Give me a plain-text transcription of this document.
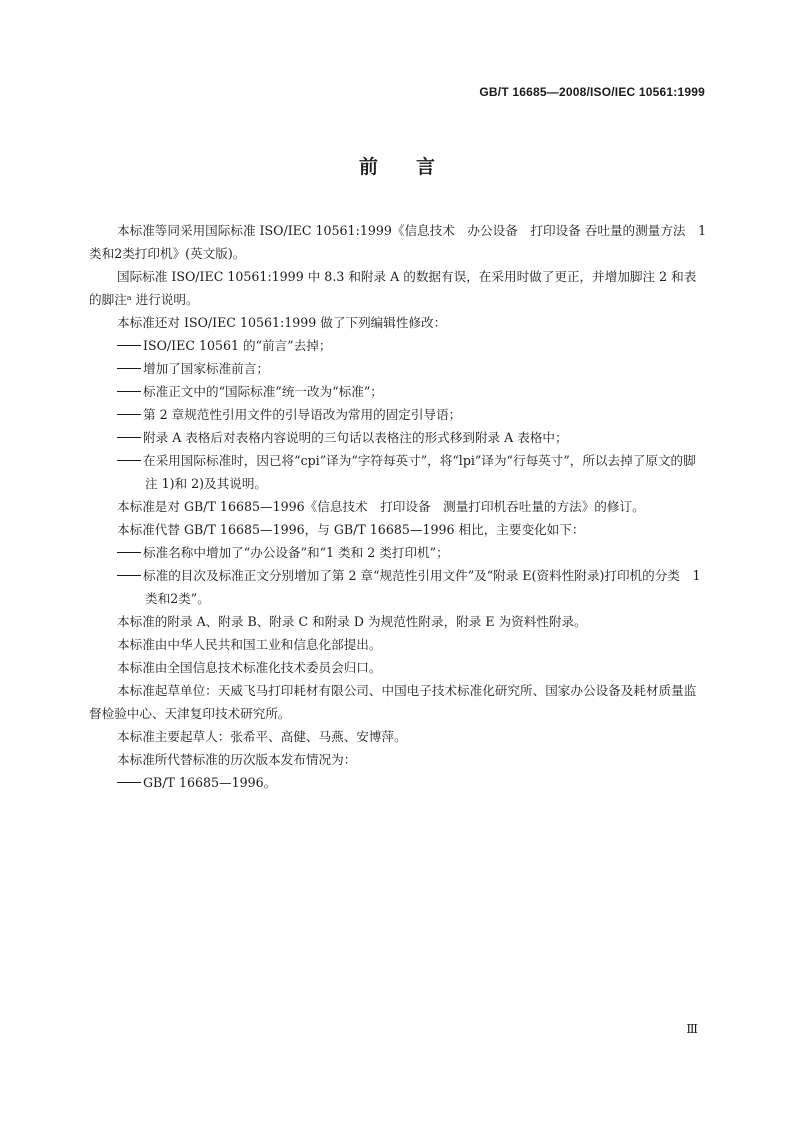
GB/T 16685—2008/ISO/IEC 10561:1999
前 言
本标准等同采用国际标准 ISO/IEC 10561:1999《信息技术　办公设备　打印设备 吞吐量的测量方法　1类和2类打印机》(英文版)。
国际标准 ISO/IEC 10561:1999 中 8.3 和附录 A 的数据有误，在采用时做了更正，并增加脚注 2 和表的脚注ᵃ 进行说明。
本标准还对 ISO/IEC 10561:1999 做了下列编辑性修改：
ISO/IEC 10561 的“前言”去掉；
增加了国家标准前言；
标准正文中的“国际标准”统一改为“标准”；
第 2 章规范性引用文件的引导语改为常用的固定引导语；
附录 A 表格后对表格内容说明的三句话以表格注的形式移到附录 A 表格中；
在采用国际标准时，因已将“cpi”译为“字符每英寸”，将“lpi”译为“行每英寸”，所以去掉了原文的脚注 1)和 2)及其说明。
本标准是对 GB/T 16685—1996《信息技术　打印设备　测量打印机吞吐量的方法》的修订。
本标准代替 GB/T 16685—1996，与 GB/T 16685—1996 相比，主要变化如下：
标准名称中增加了“办公设备”和“1 类和 2 类打印机”；
标准的目次及标准正文分别增加了第 2 章“规范性引用文件”及“附录 E(资料性附录)打印机的分类　1类和2类”。
本标准的附录 A、附录 B、附录 C 和附录 D 为规范性附录，附录 E 为资料性附录。
本标准由中华人民共和国工业和信息化部提出。
本标准由全国信息技术标准化技术委员会归口。
本标准起草单位：天威飞马打印耗材有限公司、中国电子技术标准化研究所、国家办公设备及耗材质量监督检验中心、天津复印技术研究所。
本标准主要起草人：张希平、高健、马燕、安博萍。
本标准所代替标准的历次版本发布情况为：
GB/T 16685—1996。
Ⅲ
